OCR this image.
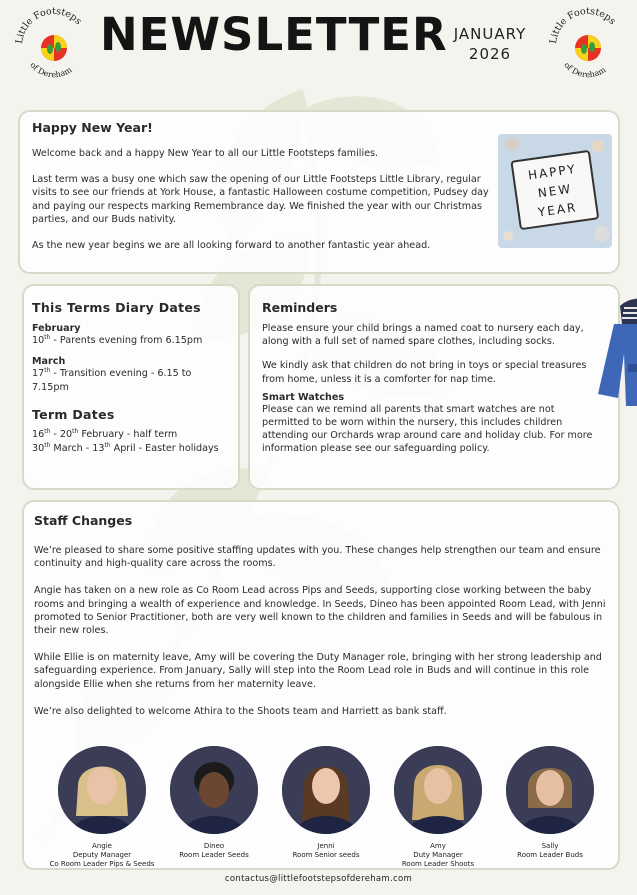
Little Footsteps
of Dereham
NEWSLETTER JANUARY
2026
Little Footsteps
of Dereham
Happy New Year!

Welcome back and a happy New Year to all our Little Footsteps families.

Last term was a busy one which saw the opening of our Little Footsteps Little Library, regular visits to see our friends at York House, a fantastic Halloween costume competition, Pudsey day and paying our respects marking Remembrance day. We finished the year with our Christmas parties, and our Buds nativity.

As the new year begins we are all looking forward to another fantastic year ahead.

HAPPY
NEW
YEAR
This Terms Diary Dates
February

10th - Parents evening from 6.15pm

March

17th - Transition evening - 6.15 to 7.15pm

Term Dates

16th - 20th February - half term

30th March - 13th April - Easter holidays

Reminders

Please ensure your child brings a named coat to nursery each day, along with a full set of named spare clothes, including socks.

We kindly ask that children do not bring in toys or special treasures from home, unless it is a comforter for nap time.

Smart Watches

Please can we remind all parents that smart watches are not permitted to be worn within the nursery, this includes children attending our Orchards wrap around care and holiday club. For more information please see our safeguarding policy.

Staff Changes

We’re pleased to share some positive staffing updates with you. These changes help strengthen our team and ensure continuity and high-quality care across the rooms.

Angie has taken on a new role as Co Room Lead across Pips and Seeds, supporting close working between the baby rooms and bringing a wealth of experience and knowledge. In Seeds, Dineo has been appointed Room Lead, with Jenni promoted to Senior Practitioner, both are very well known to the children and families in Seeds and will be fabulous in their new roles.

While Ellie is on maternity leave, Amy will be covering the Duty Manager role, bringing with her strong leadership and safeguarding experience. From January, Sally will step into the Room Lead role in Buds and will continue in this role alongside Ellie when she returns from her maternity leave.

We’re also delighted to welcome Athira to the Shoots team and Harriett as bank staff.

Angie
Deputy Manager
Co Room Leader Pips & Seeds
Dineo
Room Leader Seeds
Jenni
Room Senior seeds
Amy
Duty Manager
Room Leader Shoots
Sally
Room Leader Buds
contactus@littlefootstepsofdereham.com
